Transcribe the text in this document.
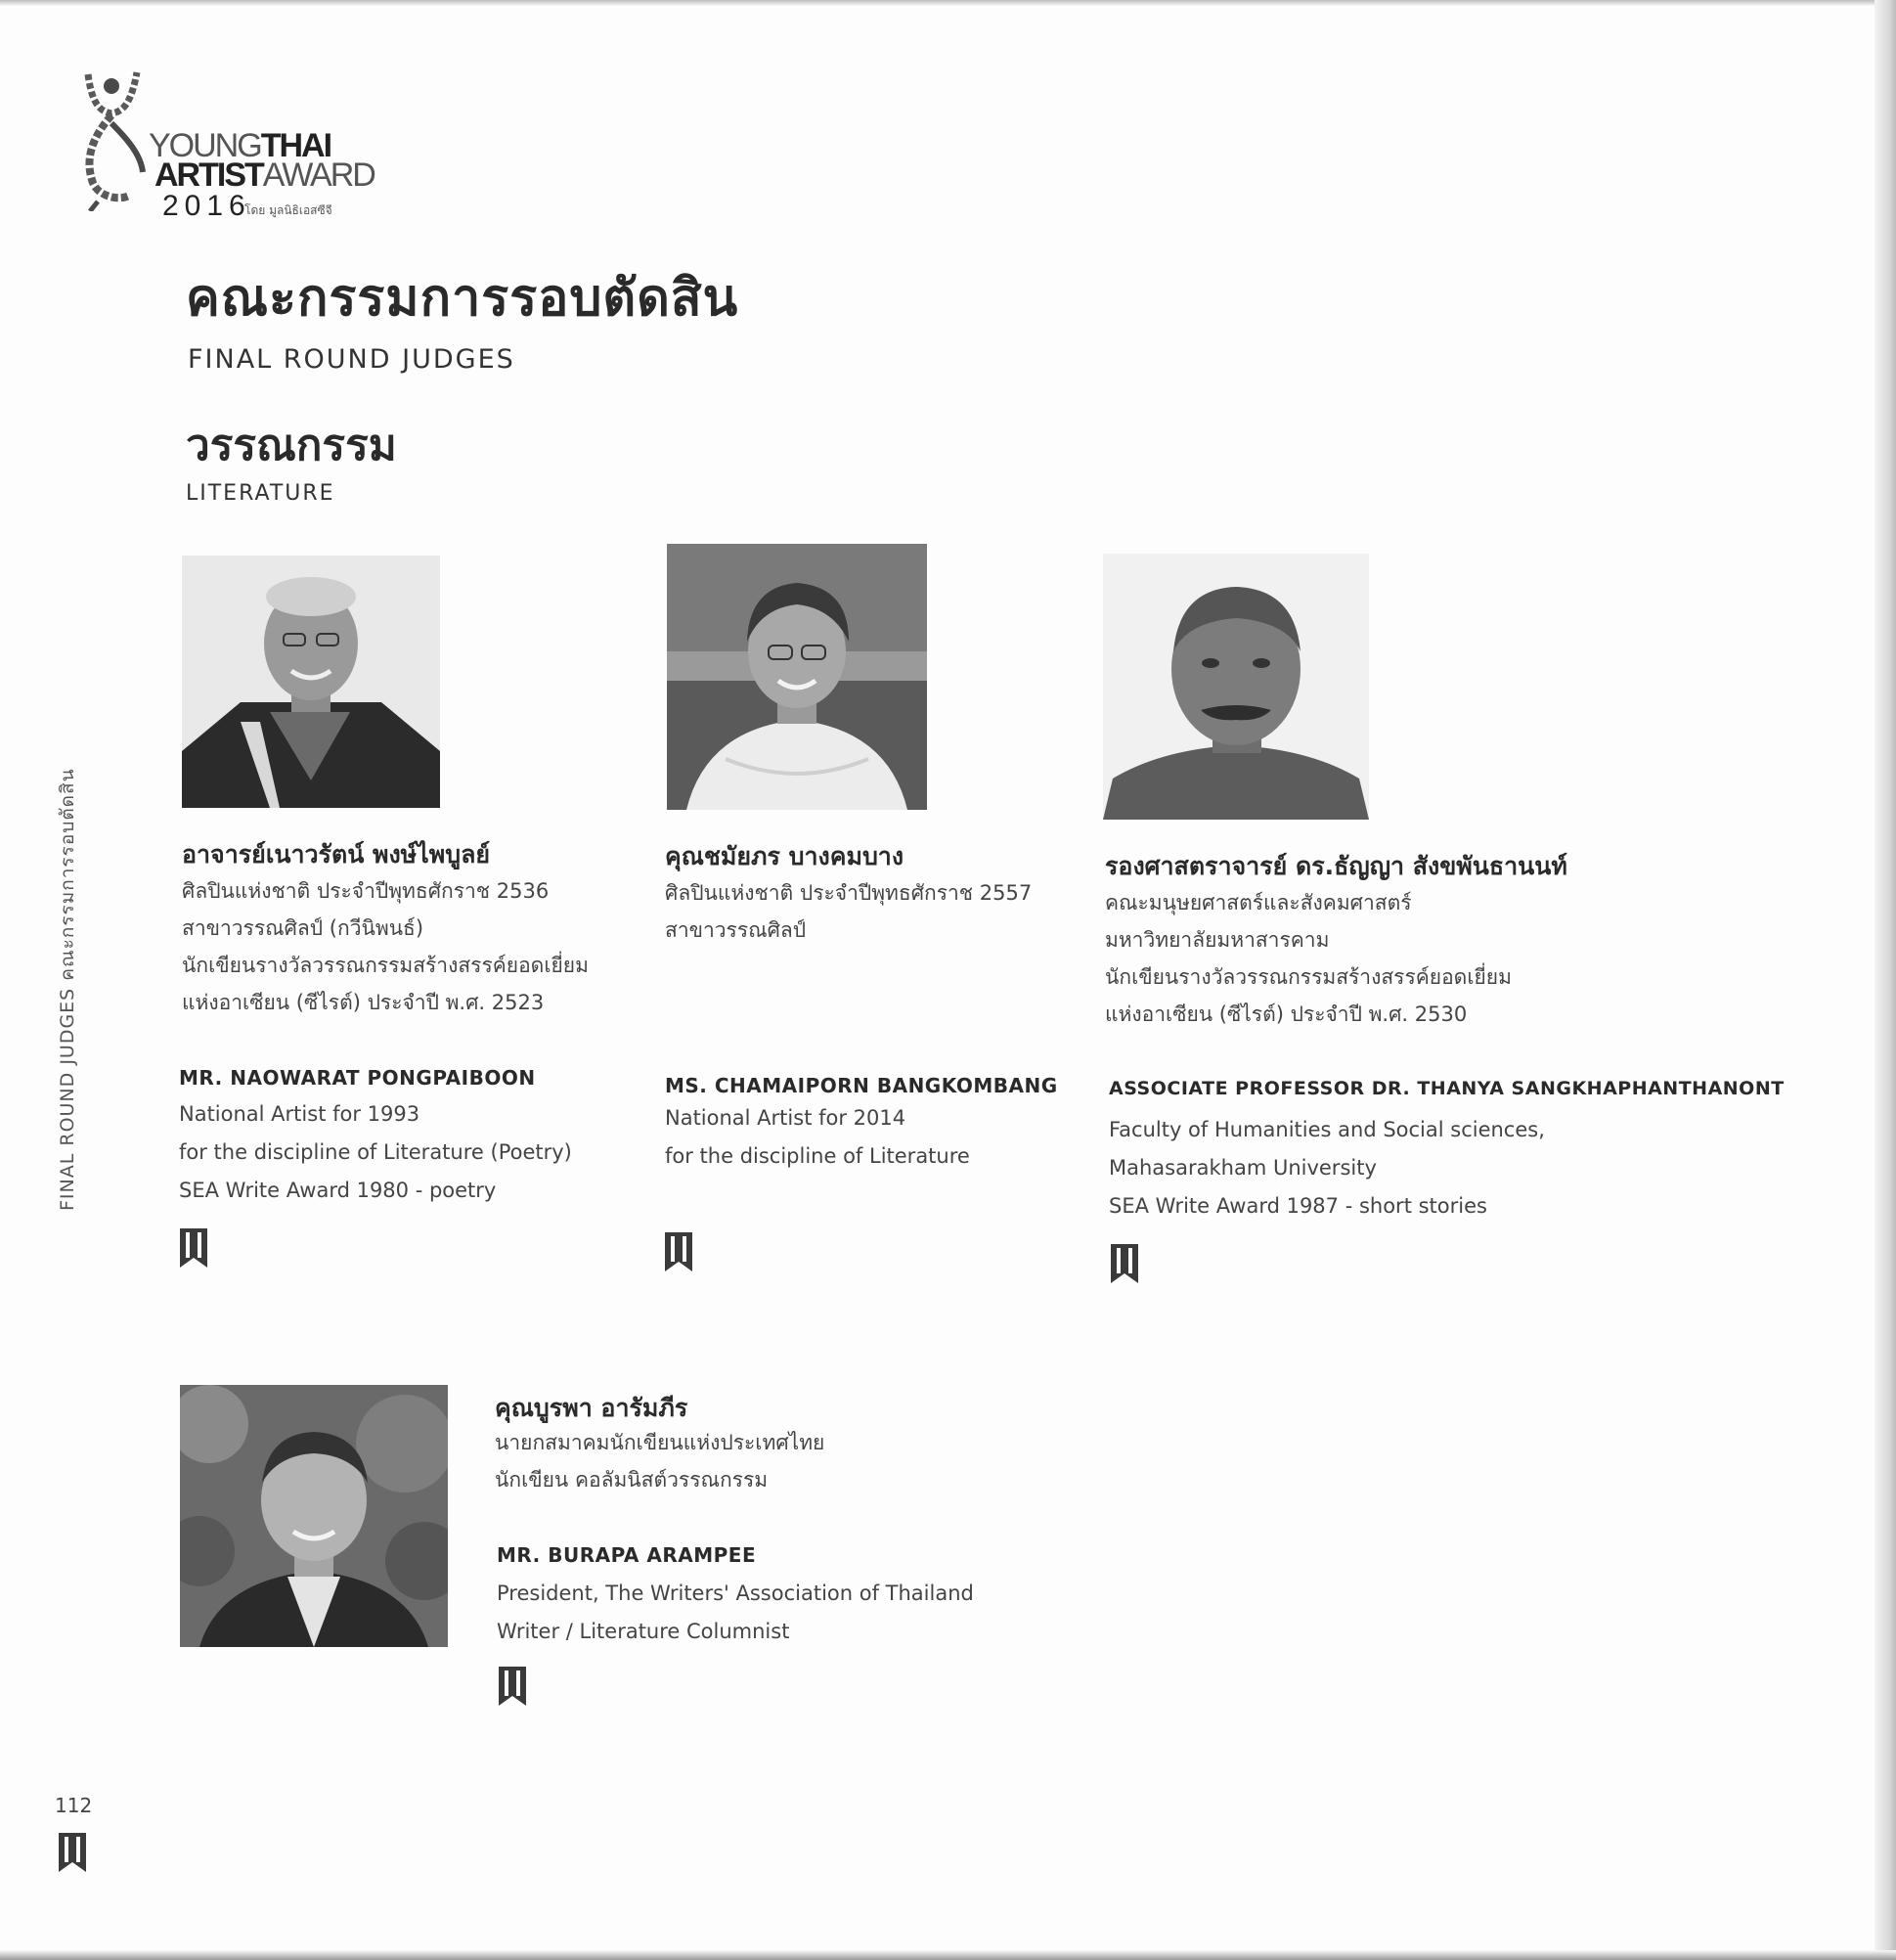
YOUNGTHAI
ARTISTAWARD
2016
โดย มูลนิธิเอสซีจี
FINAL ROUND JUDGES คณะกรรมการรอบตัดสิน
คณะกรรมการรอบตัดสิน
FINAL ROUND JUDGES
วรรณกรรม
LITERATURE
อาจารย์เนาวรัตน์ พงษ์ไพบูลย์
ศิลปินแห่งชาติ ประจำปีพุทธศักราช 2536
สาขาวรรณศิลป์ (กวีนิพนธ์)
นักเขียนรางวัลวรรณกรรมสร้างสรรค์ยอดเยี่ยม
แห่งอาเซียน (ซีไรต์) ประจำปี พ.ศ. 2523
MR. NAOWARAT PONGPAIBOON
National Artist for 1993
for the discipline of Literature (Poetry)
SEA Write Award 1980 - poetry
คุณชมัยภร บางคมบาง
ศิลปินแห่งชาติ ประจำปีพุทธศักราช 2557
สาขาวรรณศิลป์
MS. CHAMAIPORN BANGKOMBANG
National Artist for 2014
for the discipline of Literature
รองศาสตราจารย์ ดร.ธัญญา สังขพันธานนท์
คณะมนุษยศาสตร์และสังคมศาสตร์
มหาวิทยาลัยมหาสารคาม
นักเขียนรางวัลวรรณกรรมสร้างสรรค์ยอดเยี่ยม
แห่งอาเซียน (ซีไรต์) ประจำปี พ.ศ. 2530
ASSOCIATE PROFESSOR DR. THANYA SANGKHAPHANTHANONT
Faculty of Humanities and Social sciences,
Mahasarakham University
SEA Write Award 1987 - short stories
คุณบูรพา อารัมภีร
นายกสมาคมนักเขียนแห่งประเทศไทย
นักเขียน คอลัมนิสต์วรรณกรรม
MR. BURAPA ARAMPEE
President, The Writers' Association of Thailand
Writer / Literature Columnist
112
